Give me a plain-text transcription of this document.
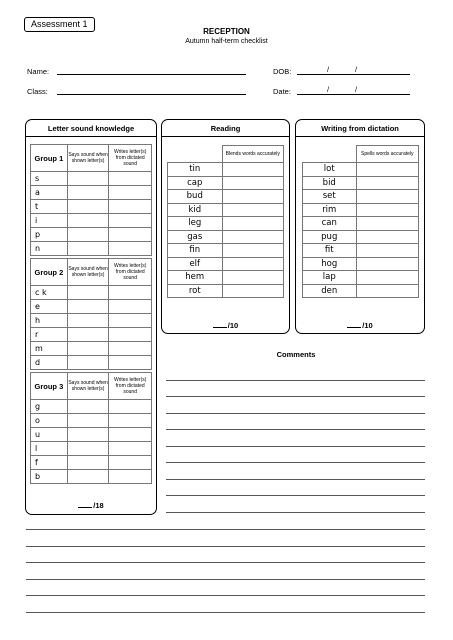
Assessment 1
RECEPTION
Autumn half-term checklist
Name:
Class:
DOB:	/	/
Date:	/	/
Letter sound knowledge
Group 1	Says sound when shown letter(s)	Writes letter(s) from dictated sound
s		
a		
t		
i		
p		
n		
Group 2	Says sound when shown letter(s)	Writes letter(s) from dictated sound
c k		
e		
h		
r		
m		
d		
Group 3	Says sound when shown letter(s)	Writes letter(s) from dictated sound
g		
o		
u		
l		
f		
b		
/18
Reading
	Blends words accurately
tin	
cap	
bud	
kid	
leg	
gas	
fin	
elf	
hem	
rot	
/10
Writing from dictation
	Spells words accurately
lot	
bid	
set	
rim	
can	
pug	
fit	
hog	
lap	
den	
/10
Comments
